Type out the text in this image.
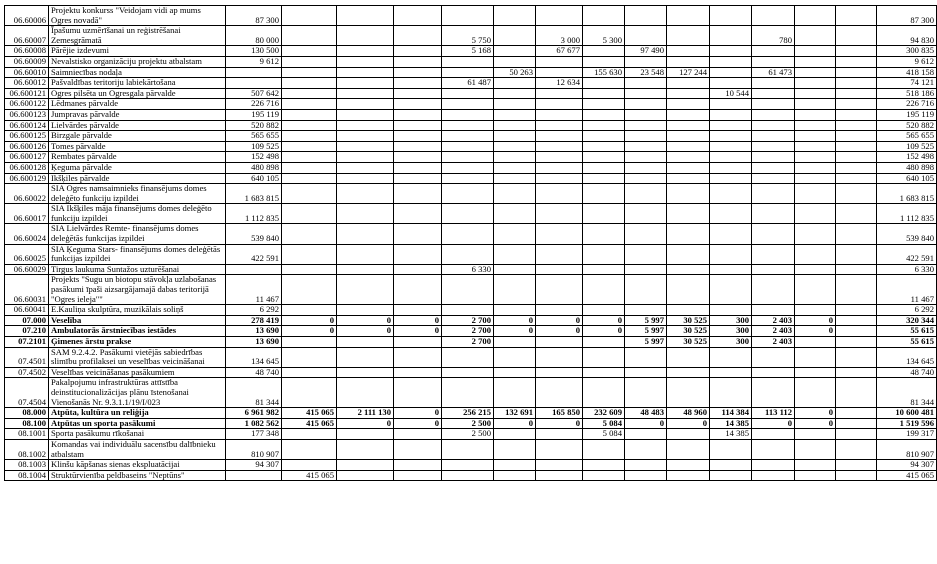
06.60006	Projektu konkurss "Veidojam vidi ap mums Ogres novadā"	87 300														87 300
06.60007	Īpašumu uzmērīšanai un reģistrēšanai Zemesgrāmatā	80 000				5 750		3 000	5 300				780			94 830
06.60008	Pārējie izdevumi	130 500				5 168		67 677		97 490						300 835
06.60009	Nevalstisko organizāciju projektu atbalstam	9 612														9 612
06.60010	Saimniecības nodaļa						50 263		155 630	23 548	127 244		61 473			418 158
06.60012	Pašvaldības teritoriju labiekārtošana					61 487		12 634								74 121
06.600121	Ogres pilsēta un Ogresgala pārvalde	507 642										10 544				518 186
06.600122	Lēdmanes pārvalde	226 716														226 716
06.600123	Jumpravas pārvalde	195 119														195 119
06.600124	Lielvārdes pārvalde	520 882														520 882
06.600125	Birzgale pārvalde	565 655														565 655
06.600126	Tomes pārvalde	109 525														109 525
06.600127	Rembates pārvalde	152 498														152 498
06.600128	Ķeguma pārvalde	480 898														480 898
06.600129	Ikšķiles pārvalde	640 105														640 105
06.60022	SIA Ogres namsaimnieks finansējums domes deleģēto funkciju izpildei	1 683 815														1 683 815
06.60017	SIA Ikšķiles māja finansējums domes deleģēto funkciju izpildei	1 112 835														1 112 835
06.60024	SIA Lielvārdes Remte- finansējums domes deleģētās funkcijas izpildei	539 840														539 840
06.60025	SIA Ķeguma Stars- finansējums domes deleģētās funkcijas izpildei	422 591														422 591
06.60029	Tirgus laukuma Suntažos uzturēšanai					6 330										6 330
06.60031	Projekts "Sugu un biotopu stāvokļa uzlabošanas pasākumi īpaši aizsargājamajā dabas teritorijā "Ogres ieleja""	11 467														11 467
06.60041	E.Kauliņa skulptūra, muzikālais soliņš	6 292														6 292
07.000	Veselība	278 419	0	0	0	2 700	0	0	0	5 997	30 525	300	2 403	0		320 344
07.210	Ambulatorās ārstniecības iestādes	13 690	0	0	0	2 700	0	0	0	5 997	30 525	300	2 403	0		55 615
07.2101	Ģimenes ārstu prakse	13 690				2 700				5 997	30 525	300	2 403			55 615
07.4501	SAM 9.2.4.2. Pasākumi vietējās sabiedrības slimību profilaksei un veselības veicināšanai	134 645														134 645
07.4502	Veselības veicināšanas pasākumiem	48 740														48 740
07.4504	Pakalpojumu infrastruktūras attīstība deinstitucionalizācijas plānu īstenošanai Vienošanās Nr. 9.3.1.1/19/I/023	81 344														81 344
08.000	Atpūta, kultūra un reliģija	6 961 982	415 065	2 111 130	0	256 215	132 691	165 850	232 609	48 483	48 960	114 384	113 112	0		10 600 481
08.100	Atpūtas un sporta pasākumi	1 082 562	415 065	0	0	2 500	0	0	5 084	0	0	14 385	0	0		1 519 596
08.1001	Sporta pasākumu rīkošanai	177 348				2 500			5 084			14 385				199 317
08.1002	Komandas vai individuālu sacensību dalībnieku atbalstam	810 907														810 907
08.1003	Klinšu kāpšanas sienas ekspluatācijai	94 307														94 307
08.1004	Struktūrvienība peldbaseins "Neptūns"		415 065													415 065
